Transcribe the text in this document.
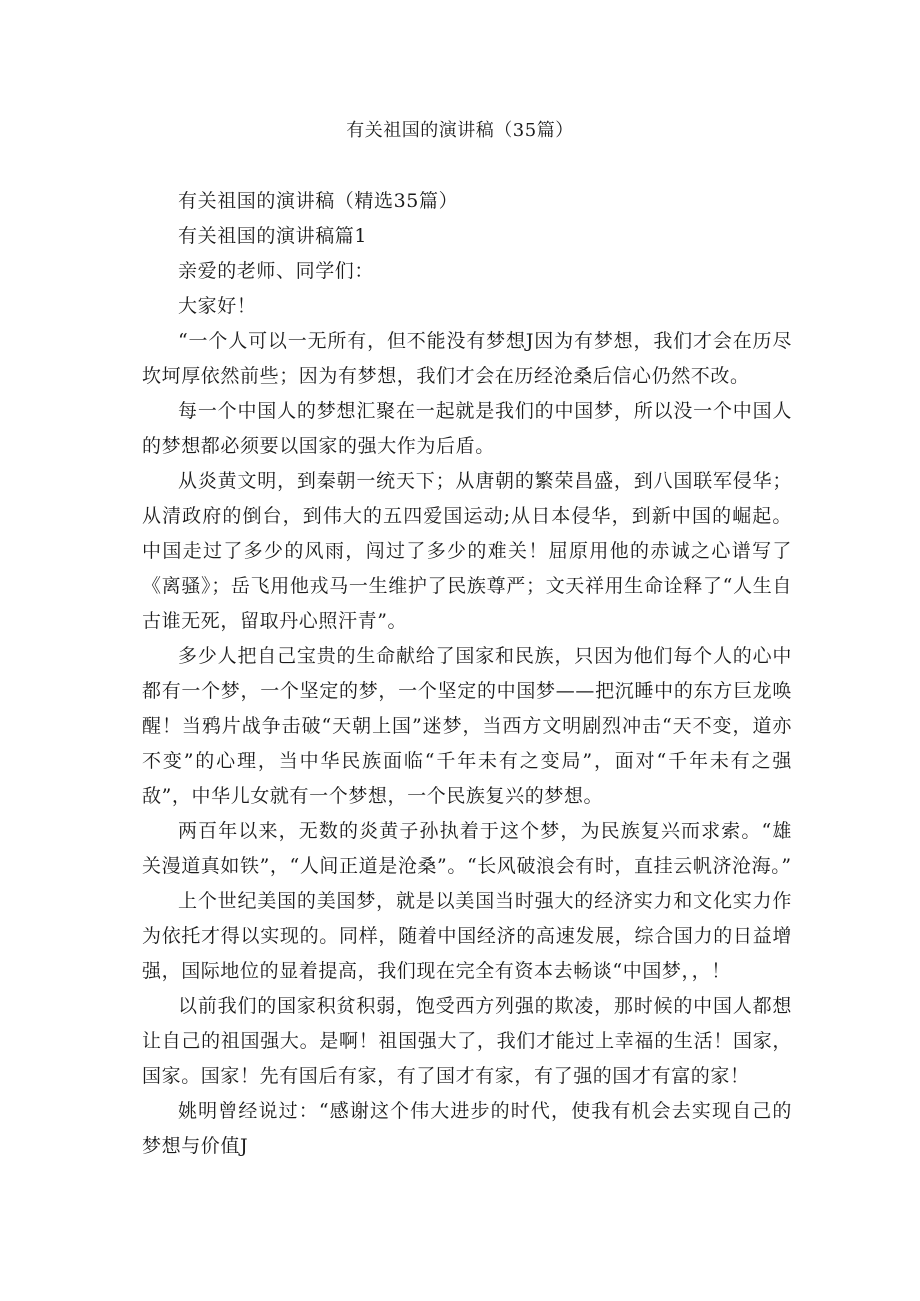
有关祖国的演讲稿（35篇）

有关祖国的演讲稿（精选35篇）

有关祖国的演讲稿篇1

亲爱的老师、同学们：

大家好！

“一个人可以一无所有，但不能没有梦想J因为有梦想，我们才会在历尽坎坷厚依然前些；因为有梦想，我们才会在历经沧桑后信心仍然不改。

每一个中国人的梦想汇聚在一起就是我们的中国梦，所以没一个中国人的梦想都必须要以国家的强大作为后盾。

从炎黄文明，到秦朝一统天下；从唐朝的繁荣昌盛，到八国联军侵华；从清政府的倒台，到伟大的五四爱国运动;从日本侵华，到新中国的崛起。中国走过了多少的风雨，闯过了多少的难关！屈原用他的赤诚之心谱写了《离骚》；岳飞用他戎马一生维护了民族尊严；文天祥用生命诠释了“人生自古谁无死，留取丹心照汗青”。

多少人把自己宝贵的生命献给了国家和民族，只因为他们每个人的心中都有一个梦，一个坚定的梦，一个坚定的中国梦——把沉睡中的东方巨龙唤醒！当鸦片战争击破“天朝上国”迷梦，当西方文明剧烈冲击“天不变，道亦不变”的心理，当中华民族面临“千年未有之变局”，面对“千年未有之强敌”，中华儿女就有一个梦想，一个民族复兴的梦想。

两百年以来，无数的炎黄子孙执着于这个梦，为民族复兴而求索。“雄关漫道真如铁”，“人间正道是沧桑”。“长风破浪会有时，直挂云帆济沧海。”

上个世纪美国的美国梦，就是以美国当时强大的经济实力和文化实力作为依托才得以实现的。同样，随着中国经济的高速发展，综合国力的日益增强，国际地位的显着提高，我们现在完全有资本去畅谈“中国梦，，！

以前我们的国家积贫积弱，饱受西方列强的欺凌，那时候的中国人都想让自己的祖国强大。是啊！祖国强大了，我们才能过上幸福的生活！国家，国家。国家！先有国后有家，有了国才有家，有了强的国才有富的家！

姚明曾经说过：“感谢这个伟大进步的时代，使我有机会去实现自己的梦想与价值J
